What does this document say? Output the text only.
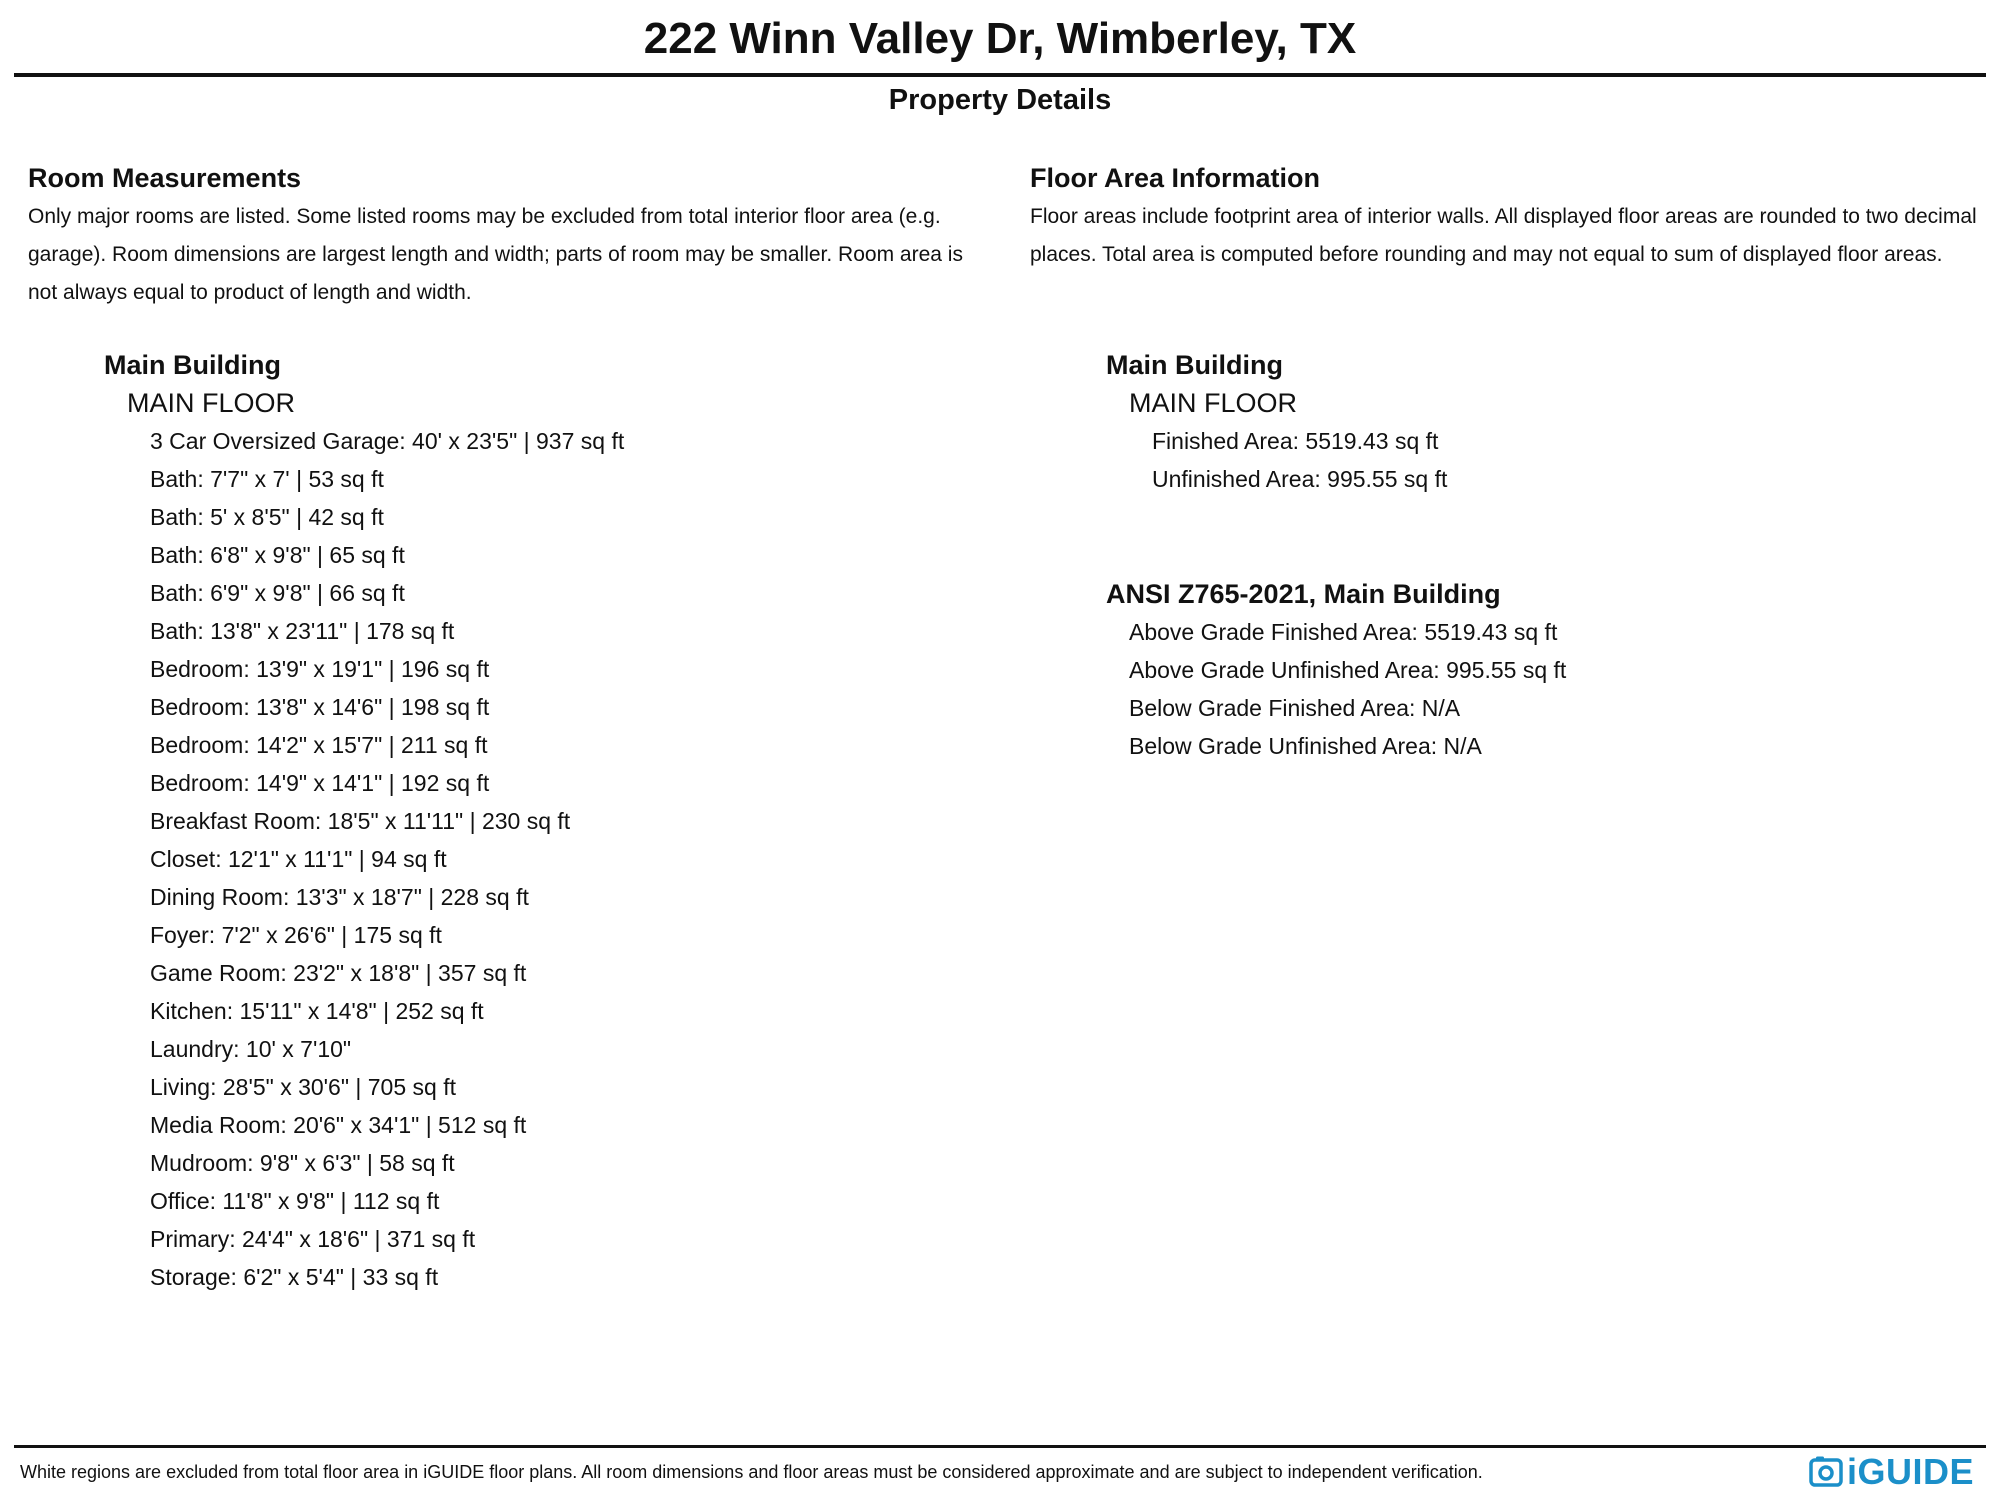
222 Winn Valley Dr, Wimberley, TX
Property Details

Room Measurements

Only major rooms are listed. Some listed rooms may be excluded from total interior floor area (e.g. garage). Room dimensions are largest length and width; parts of room may be smaller. Room area is not always equal to product of length and width.

Main Building
MAIN FLOOR
3 Car Oversized Garage: 40' x 23'5" | 937 sq ft
Bath: 7'7" x 7' | 53 sq ft
Bath: 5' x 8'5" | 42 sq ft
Bath: 6'8" x 9'8" | 65 sq ft
Bath: 6'9" x 9'8" | 66 sq ft
Bath: 13'8" x 23'11" | 178 sq ft
Bedroom: 13'9" x 19'1" | 196 sq ft
Bedroom: 13'8" x 14'6" | 198 sq ft
Bedroom: 14'2" x 15'7" | 211 sq ft
Bedroom: 14'9" x 14'1" | 192 sq ft
Breakfast Room: 18'5" x 11'11" | 230 sq ft
Closet: 12'1" x 11'1" | 94 sq ft
Dining Room: 13'3" x 18'7" | 228 sq ft
Foyer: 7'2" x 26'6" | 175 sq ft
Game Room: 23'2" x 18'8" | 357 sq ft
Kitchen: 15'11" x 14'8" | 252 sq ft
Laundry: 10' x 7'10"
Living: 28'5" x 30'6" | 705 sq ft
Media Room: 20'6" x 34'1" | 512 sq ft
Mudroom: 9'8" x 6'3" | 58 sq ft
Office: 11'8" x 9'8" | 112 sq ft
Primary: 24'4" x 18'6" | 371 sq ft
Storage: 6'2" x 5'4" | 33 sq ft

Floor Area Information

Floor areas include footprint area of interior walls. All displayed floor areas are rounded to two decimal places. Total area is computed before rounding and may not equal to sum of displayed floor areas.

Main Building
MAIN FLOOR
Finished Area: 5519.43 sq ft
Unfinished Area: 995.55 sq ft
ANSI Z765-2021, Main Building
Above Grade Finished Area: 5519.43 sq ft
Above Grade Unfinished Area: 995.55 sq ft
Below Grade Finished Area: N/A
Below Grade Unfinished Area: N/A
White regions are excluded from total floor area in iGUIDE floor plans. All room dimensions and floor areas must be considered approximate and are subject to independent verification.	iGUIDE
